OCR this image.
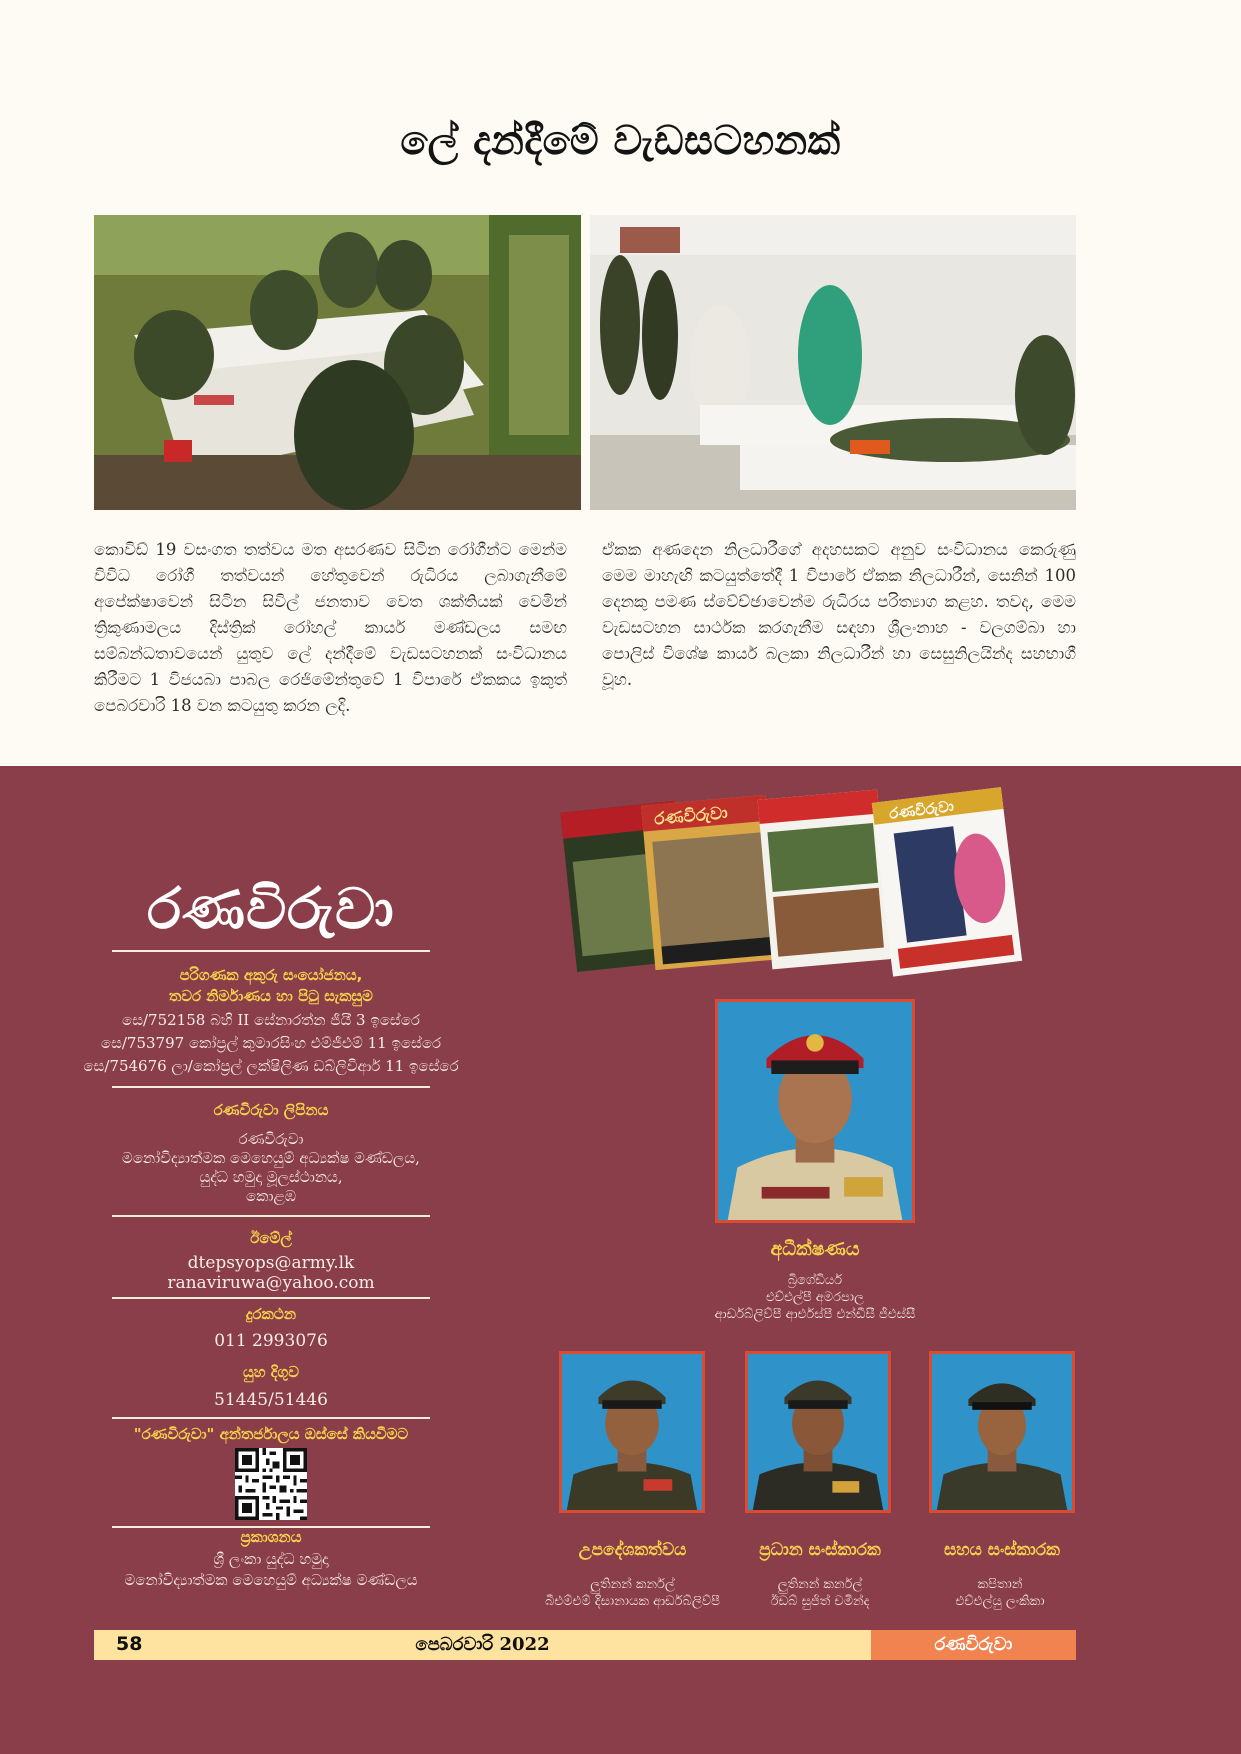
ලේ දන්දීමේ වැඩසටහනක්

කොවිඩ් 19 වසංගත තත්වය මත අසරණව සිටින රෝගීන්ට මෙන්ම විවිධ රෝගී තත්වයන් හේතුවෙන් රුධිරය ලබාගැනීමේ අපේක්ෂාවෙන් සිටින සිවිල් ජනතාව වෙත ශක්තියක් වෙමින් ත්‍රිකුණාමලය දිස්ත්‍රික් රෝහල් කාර්ය මණ්ඩලය සමඟ සම්බන්ධතාවයෙන් යුතුව ලේ දන්දීමේ වැඩසටහනක් සංවිධානය කිරීමට 1 විජයබා පාබල රෙජිමේන්තුවේ 1 විපාරේ ඒකකය ඉකුත් පෙබරවාරි 18 වන කටයුතු කරන ලදි.

ඒකක අණදෙන නිලධාරීගේ අදහසකට අනුව සංවිධානය කෙරුණු මෙම මාහැඟි කටයුත්තේදී 1 විපාරේ ඒකක නිලධාරීන්, සෙනින් 100 දෙනකු පමණ ස්වේච්ඡාවෙන්ම රුධිරය පරිත්‍යාග කළහ. තවද, මෙම වැඩසටහන සාර්ථක කරගැනීම සඳහා ශ්‍රීලංනාහ - වලගම්බා හා පොලිස් විශේෂ කාර්ය බලකා නිලධාරීන් හා සෙසුනිලයින්ද සහභාගී වූහ.

රණවිරුවා	රණවිරුවා
රණවිරුවා
පරිගණක අකුරු සංයෝජනය,
තවර නිර්මාණය හා පිටු සැකසුම
සෙ/752158 බහි II සේනාරත්න ජීයී 3 ඉසේරෙ
සෙ/753797 කෝප්‍රල් කුමාරසිංහ එම්ජීඑම් 11 ඉසේරෙ
සෙ/754676 ලා/කෝප්‍රල් ලක්ෂිලිණ ඩබ්ලිවිආර් 11 ඉසේරෙ
රණවිරුවා ලිපිනය
රණවිරුවා
මනෝවිද්‍යාත්මක මෙහෙයුම් අධ්‍යක්ෂ මණ්ඩලය,
යුද්ධ හමුදා මූලස්ථානය,
කොළඹ
ඊමේල්
dtepsyops@army.lk
ranaviruwa@yahoo.com
දුරකථන
011 2993076
යුහ දිගුව
51445/51446
"රණවිරුවා" අන්තර්ජාලය ඔස්සේ කියවීමට
ප්‍රකාශනය
ශ්‍රී ලංකා යුද්ධ හමුදා
මනෝවිද්‍යාත්මක මෙහෙයුම් අධ්‍යක්ෂ මණ්ඩලය
අධීක්ෂණය
බ්‍රිගේඩියර්
එච්එල්පී අමරපාල
ආර්ඩබ්ලිව්පී ආර්එස්පී එන්ඩීසී ජීඑස්සී
උපදේශකත්වය
ලුතිනන් කර්නල්
බීඑම්එම් දිසානායක ආර්ඩබ්ලිව්පී
ප්‍රධාන සංස්කාරක
ලුතිනන් කර්නල්
ඊඩබ් සුජිත් චමින්ද
සහය සංස්කාරක
කපිතාන්
එච්එල්යු ලංකිකා
58	පෙබරවාරි 2022	රණවිරුවා
